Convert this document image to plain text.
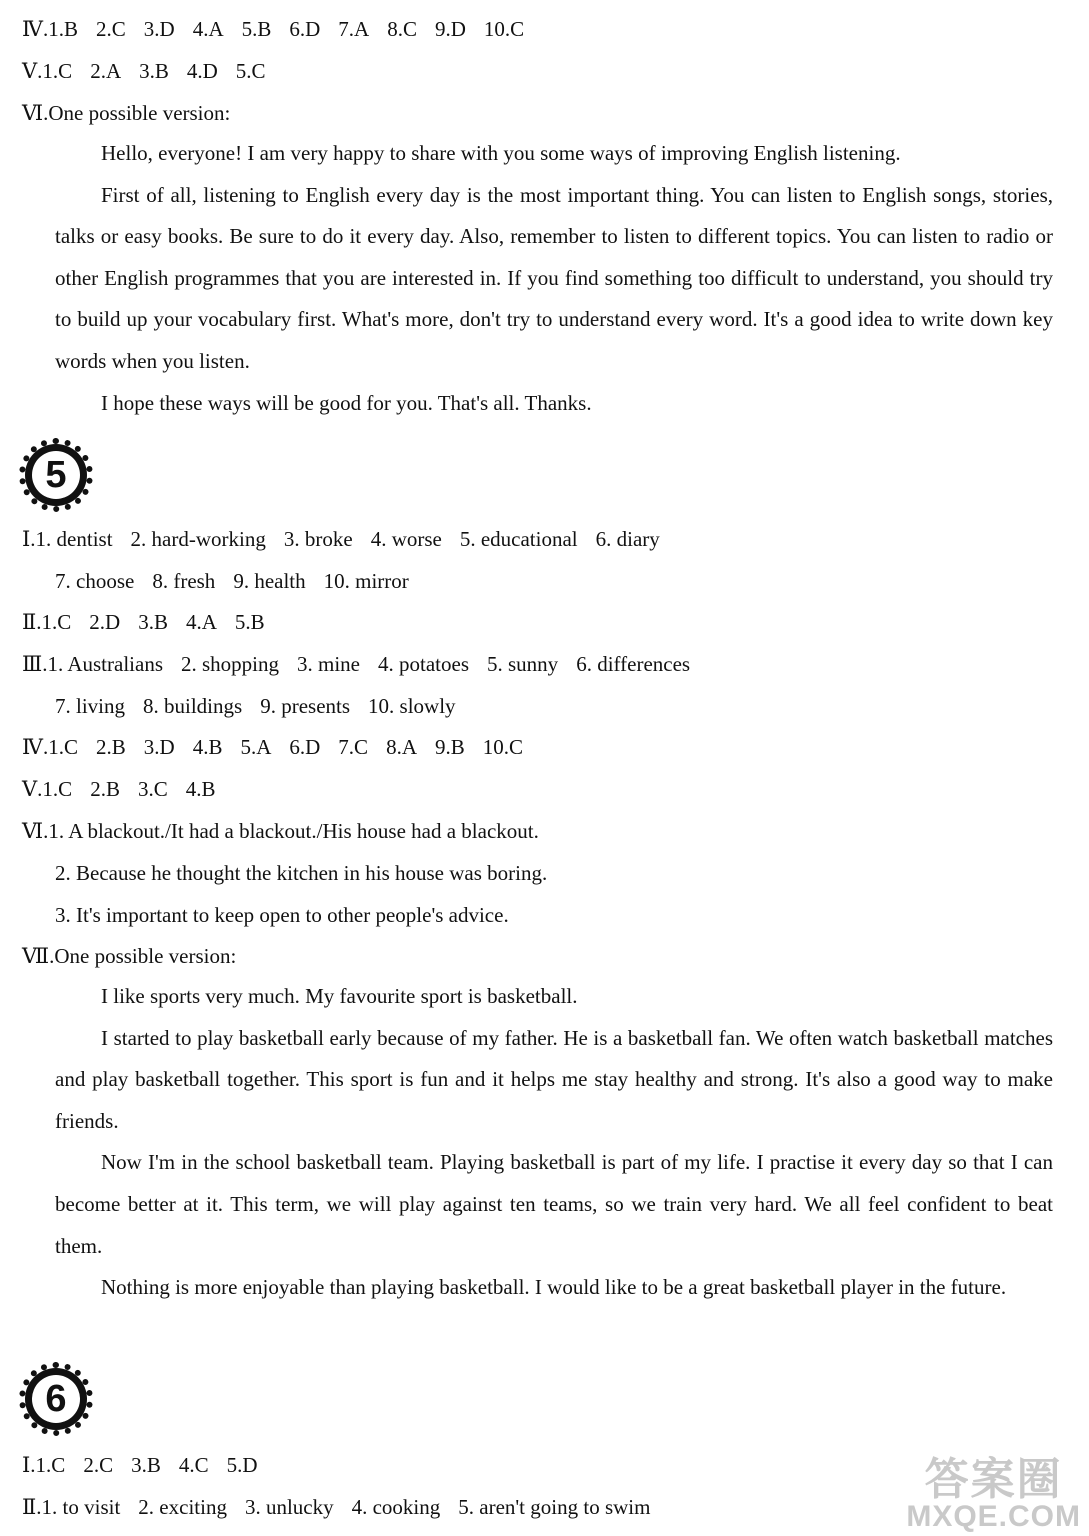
Ⅳ.1.B 2.C 3.D 4.A 5.B 6.D 7.A 8.C 9.D 10.C
Ⅴ.1.C 2.A 3.B 4.D 5.C
Ⅵ.One possible version:

Hello, everyone! I am very happy to share with you some ways of improving English listening.

First of all, listening to English every day is the most important thing. You can listen to English songs, stories, talks or easy books. Be sure to do it every day. Also, remember to listen to different topics. You can listen to radio or other English programmes that you are interested in. If you find something too difficult to understand, you should try to build up your vocabulary first. What's more, don't try to understand every word. It's a good idea to write down key words when you listen.

I hope these ways will be good for you. That's all. Thanks.

5
Ⅰ.1. dentist 2. hard-working 3. broke 4. worse 5. educational 6. diary
7. choose 8. fresh 9. health 10. mirror
Ⅱ.1.C 2.D 3.B 4.A 5.B
Ⅲ.1. Australians 2. shopping 3. mine 4. potatoes 5. sunny 6. differences
7. living 8. buildings 9. presents 10. slowly
Ⅳ.1.C 2.B 3.D 4.B 5.A 6.D 7.C 8.A 9.B 10.C
Ⅴ.1.C 2.B 3.C 4.B
Ⅵ.1. A blackout./It had a blackout./His house had a blackout.
2. Because he thought the kitchen in his house was boring.
3. It's important to keep open to other people's advice.
Ⅶ.One possible version:

I like sports very much. My favourite sport is basketball.

I started to play basketball early because of my father. He is a basketball fan. We often watch basketball matches and play basketball together. This sport is fun and it helps me stay healthy and strong. It's also a good way to make friends.

Now I'm in the school basketball team. Playing basketball is part of my life. I practise it every day so that I can become better at it. This term, we will play against ten teams, so we train very hard. We all feel confident to beat them.

Nothing is more enjoyable than playing basketball. I would like to be a great basketball player in the future.

6
Ⅰ.1.C 2.C 3.B 4.C 5.D
Ⅱ.1. to visit 2. exciting 3. unlucky 4. cooking 5. aren't going to swim
答案圈
MXQE.COM
